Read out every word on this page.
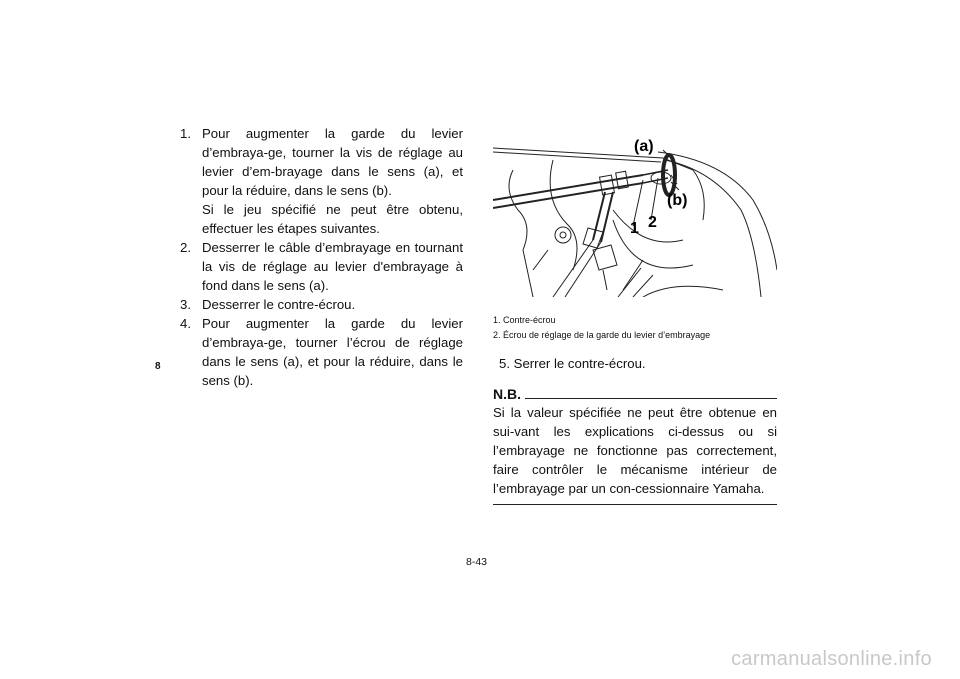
8
1. Pour augmenter la garde du levier d’embraya-ge, tourner la vis de réglage au levier d’em-brayage dans le sens (a), et pour la réduire, dans le sens (b).

Si le jeu spécifié ne peut être obtenu, effectuer les étapes suivantes.

2. Desserrer le câble d’embrayage en tournant la vis de réglage au levier d'embrayage à fond dans le sens (a).

3. Desserrer le contre-écrou.

4. Pour augmenter la garde du levier d’embraya-ge, tourner l’écrou de réglage dans le sens (a), et pour la réduire, dans le sens (b).

(a)
(b)
1 2
1. Contre-écrou
2. Écrou de réglage de la garde du levier d’embrayage
5. Serrer le contre-écrou.
N.B.
Si la valeur spécifiée ne peut être obtenue en sui-vant les explications ci-dessus ou si l’embrayage ne fonctionne pas correctement, faire contrôler le mécanisme intérieur de l’embrayage par un con-cessionnaire Yamaha.
8-43
carmanualsonline.info
